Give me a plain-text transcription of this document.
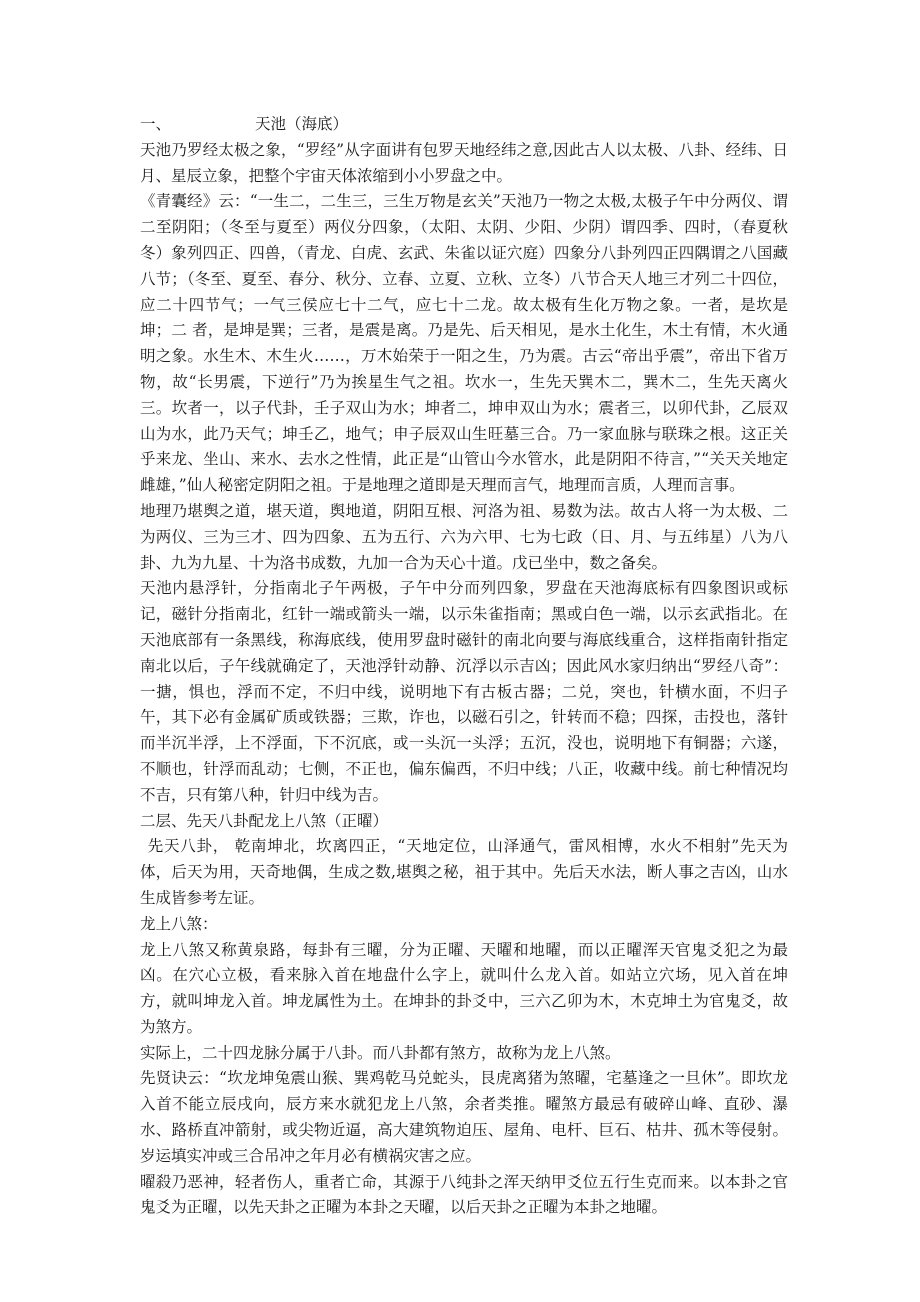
一、	天池（海底）

天池乃罗经太极之象，“罗经”从字面讲有包罗天地经纬之意,因此古人以太极、八卦、经纬、日月、星辰立象，把整个宇宙天体浓缩到小小罗盘之中。

《青囊经》云：“一生二，二生三，三生万物是玄关”天池乃一物之太极,太极子午中分两仪、谓二至阴阳；（冬至与夏至）两仪分四象，（太阳、太阴、少阳、少阴）谓四季、四时，（春夏秋冬）象列四正、四兽，（青龙、白虎、玄武、朱雀以证穴庭）四象分八卦列四正四隅谓之八国藏八节；（冬至、夏至、春分、秋分、立春、立夏、立秋、立冬）八节合天人地三才列二十四位，应二十四节气；一气三侯应七十二气，应七十二龙。故太极有生化万物之象。一者，是坎是坤；二 者，是坤是巽；三者，是震是离。乃是先、后天相见，是水土化生，木土有情，木火通明之象。水生木、木生火……，万木始荣于一阳之生，乃为震。古云“帝出乎震”，帝出下省万物，故“长男震，下逆行”乃为挨星生气之祖。坎水一，生先天巽木二，巽木二，生先天离火三。坎者一，以子代卦，壬子双山为水；坤者二，坤申双山为水；震者三，以卯代卦，乙辰双山为水，此乃天气；坤壬乙，地气；申子辰双山生旺墓三合。乃一家血脉与联珠之根。这正关乎来龙、坐山、来水、去水之性情，此正是“山管山今水管水，此是阴阳不待言，”“关天关地定雌雄，”仙人秘密定阴阳之祖。于是地理之道即是天理而言气，地理而言质，人理而言事。

地理乃堪舆之道，堪天道，舆地道，阴阳互根、河洛为祖、易数为法。故古人将一为太极、二为两仪、三为三才、四为四象、五为五行、六为六甲、七为七政（日、月、与五纬星）八为八卦、九为九星、十为洛书成数，九加一合为天心十道。戊已坐中，数之备矣。

天池内悬浮针，分指南北子午两极，子午中分而列四象，罗盘在天池海底标有四象图识或标记，磁针分指南北，红针一端或箭头一端，以示朱雀指南；黑或白色一端，以示玄武指北。在天池底部有一条黑线，称海底线，使用罗盘时磁针的南北向要与海底线重合，这样指南针指定南北以后，子午线就确定了，天池浮针动静、沉浮以示吉凶；因此风水家归纳出“罗经八奇”：一搪，惧也，浮而不定，不归中线，说明地下有古板古器；二兑，突也，针横水面，不归子午，其下必有金属矿质或铁器；三欺，诈也，以磁石引之，针转而不稳；四探，击投也，落针而半沉半浮，上不浮面，下不沉底，或一头沉一头浮；五沉，没也，说明地下有铜器；六遂，不顺也，针浮而乱动；七侧，不正也，偏东偏西，不归中线；八正，收藏中线。前七种情况均不吉，只有第八种，针归中线为吉。

二层、先天八卦配龙上八煞（正曜）

先天八卦， 乾南坤北，坎离四正，“天地定位，山泽通气，雷风相博，水火不相射”先天为体，后天为用，天奇地偶，生成之数,堪舆之秘，祖于其中。先后天水法，断人事之吉凶，山水生成皆参考左证。

龙上八煞：

龙上八煞又称黄泉路，每卦有三曜，分为正曜、天曜和地曜，而以正曜浑天官鬼爻犯之为最凶。在穴心立极，看来脉入首在地盘什么字上，就叫什么龙入首。如站立穴场，见入首在坤方，就叫坤龙入首。坤龙属性为土。在坤卦的卦爻中，三六乙卯为木，木克坤土为官鬼爻，故为煞方。

实际上，二十四龙脉分属于八卦。而八卦都有煞方，故称为龙上八煞。

先贤诀云：“坎龙坤兔震山猴、巽鸡乾马兑蛇头，艮虎离猪为煞曜，宅墓逢之一旦休”。即坎龙入首不能立辰戌向，辰方来水就犯龙上八煞，余者类推。曜煞方最忌有破碎山峰、直砂、瀑水、路桥直冲箭射，或尖物近逼，高大建筑物迫压、屋角、电杆、巨石、枯井、孤木等侵射。岁运填实冲或三合吊冲之年月必有横祸灾害之应。

曜殺乃恶神，轻者伤人，重者亡命，其源于八纯卦之浑天纳甲爻位五行生克而来。以本卦之官鬼爻为正曜，以先天卦之正曜为本卦之天曜，以后天卦之正曜为本卦之地曜。
